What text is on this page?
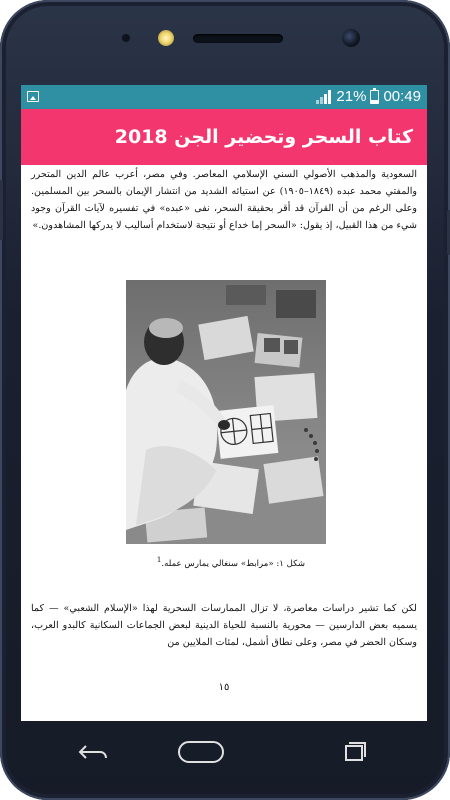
21% 00:49
كتاب السحر وتحضير الجن 2018
السعودية والمذهب الأصولي السني الإسلامي المعاصر. وفي مصر، أعرب عالم الدين المتحرر والمفتي محمد عبده (١٨٤٩–١٩٠٥) عن استيائه الشديد من انتشار الإيمان بالسحر بين المسلمين. وعلى الرغم من أن القرآن قد أقر بحقيقة السحر، نفى «عبده» في تفسيره لآيات القرآن وجود شيء من هذا القبيل، إذ يقول: «السحر إما خداع أو نتيجة لاستخدام أساليب لا يدركها المشاهدون.»
شكل ١: «مرابط» سنغالي يمارس عمله.$^1$
لكن كما تشير دراسات معاصرة، لا تزال الممارسات السحرية لهذا «الإسلام الشعبي» — كما يسميه بعض الدارسين — محورية بالنسبة للحياة الدينية لبعض الجماعات السكانية كالبدو العرب، وسكان الحضر في مصر، وعلى نطاق أشمل، لمئات الملايين من
١٥
